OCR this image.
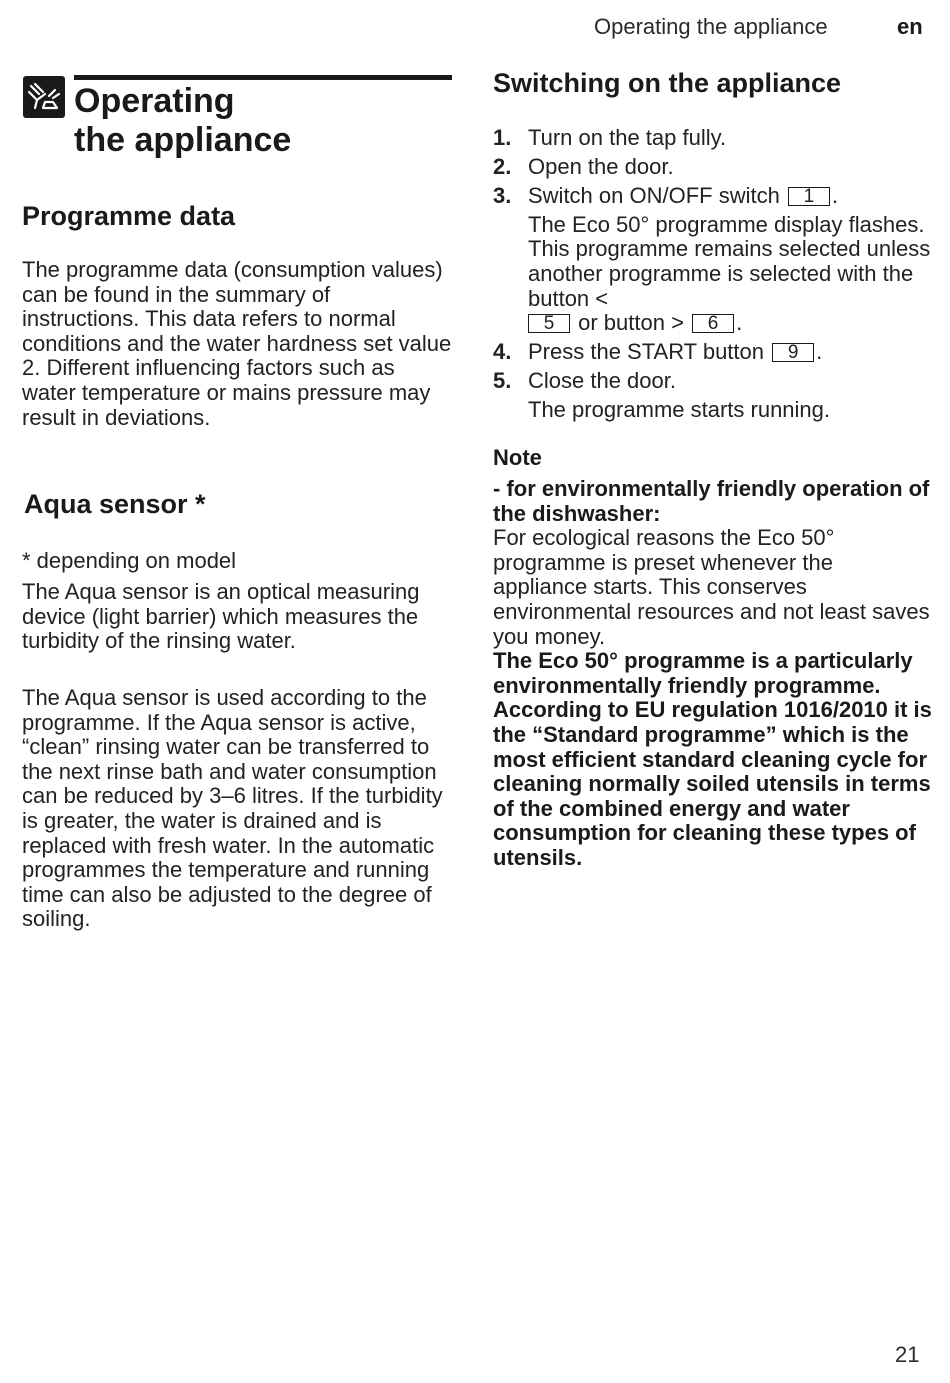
Operating the appliance	en
Operating
the appliance
Programme data

The programme data (consumption values) can be found in the summary of instructions. This data refers to normal conditions and the water hardness set value 2. Different influencing factors such as water temperature or mains pressure may result in deviations.

Aqua sensor *

* depending on model

The Aqua sensor is an optical measuring device (light barrier) which measures the turbidity of the rinsing water.

The Aqua sensor is used according to the programme. If the Aqua sensor is active, “clean” rinsing water can be transferred to the next rinse bath and water consumption can be reduced by 3–6 litres. If the turbidity is greater, the water is drained and is replaced with fresh water. In the automatic programmes the temperature and running time can also be adjusted to the degree of soiling.

Switching on the appliance
1. Turn on the tap fully.
2. Open the door.
3. Switch on ON/OFF switch 1 .
The Eco 50° programme display flashes. This programme remains selected unless another programme is selected with the button <
5 or button > 6 .
4. Press the START button 9 .
5. Close the door.
The programme starts running.
Note
- for environmentally friendly operation of the dishwasher:
For ecological reasons the Eco 50° programme is preset whenever the appliance starts. This conserves environmental resources and not least saves you money.
The Eco 50° programme is a particularly environmentally friendly programme. According to EU regulation 1016/2010 it is the “Standard programme” which is the most efficient standard cleaning cycle for cleaning normally soiled utensils in terms of the combined energy and water consumption for cleaning these types of utensils.
21
